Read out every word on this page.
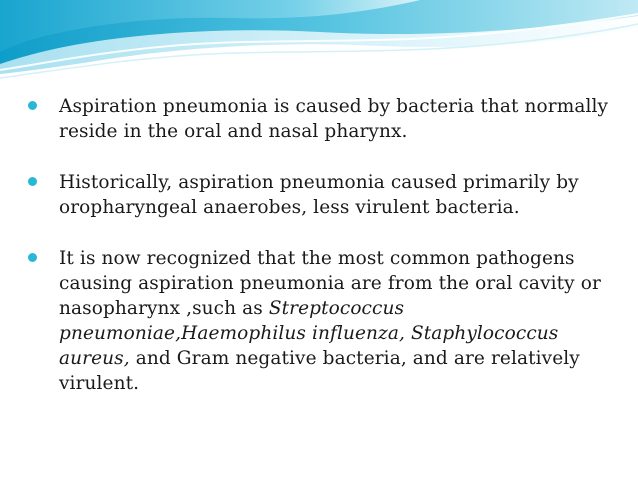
Aspiration pneumonia is caused by bacteria that normally reside in the oral and nasal pharynx.
Historically, aspiration pneumonia caused primarily by oropharyngeal anaerobes, less virulent bacteria.
It is now recognized that the most common pathogens causing aspiration pneumonia are from the oral cavity or nasopharynx ,such as Streptococcus pneumoniae,Haemophilus influenza, Staphylococcus aureus, and Gram negative bacteria, and are relatively virulent.
